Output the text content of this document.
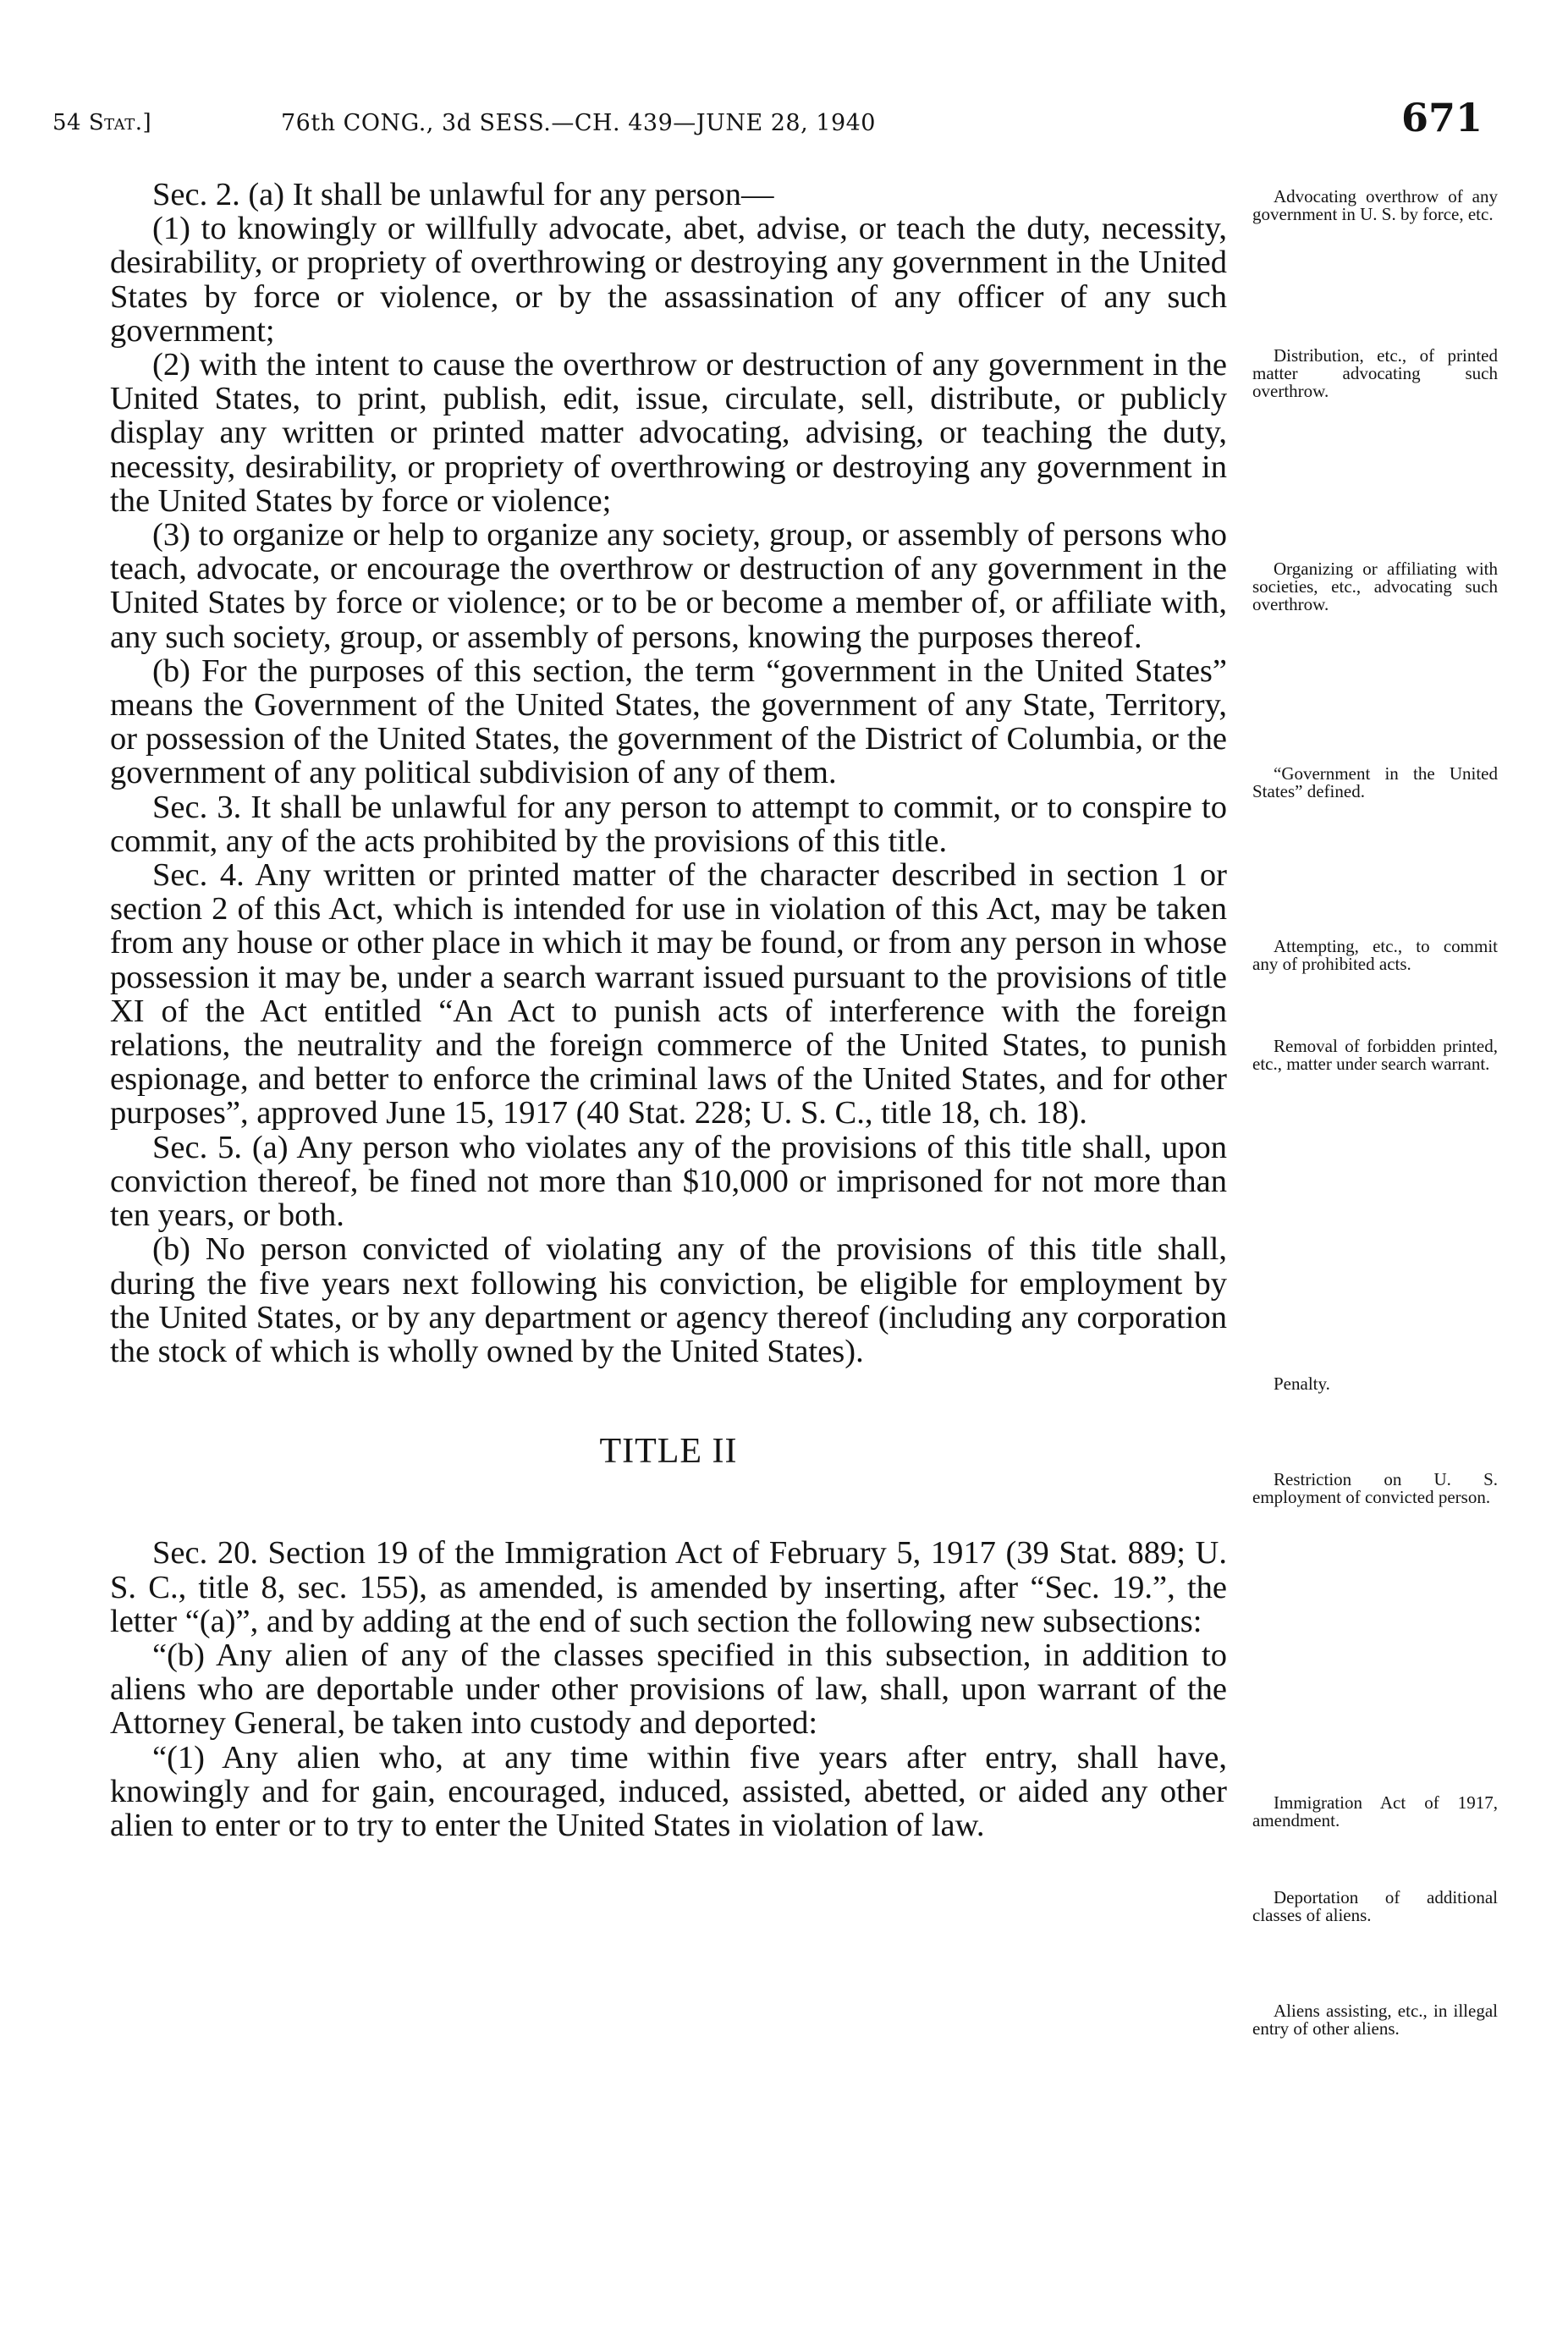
54 Stat.]	76th CONG., 3d SESS.—CH. 439—JUNE 28, 1940	671

Sec. 2. (a) It shall be unlawful for any person—

(1) to knowingly or willfully advocate, abet, advise, or teach the duty, necessity, desirability, or propriety of overthrowing or destroying any government in the United States by force or violence, or by the assassination of any officer of any such government;

(2) with the intent to cause the overthrow or destruction of any government in the United States, to print, publish, edit, issue, circulate, sell, distribute, or publicly display any written or printed matter advocating, advising, or teaching the duty, necessity, desirability, or propriety of overthrowing or destroying any government in the United States by force or violence;

(3) to organize or help to organize any society, group, or assembly of persons who teach, advocate, or encourage the overthrow or destruction of any government in the United States by force or violence; or to be or become a member of, or affiliate with, any such society, group, or assembly of persons, knowing the purposes thereof.

(b) For the purposes of this section, the term “government in the United States” means the Government of the United States, the government of any State, Territory, or possession of the United States, the government of the District of Columbia, or the government of any political subdivision of any of them.

Sec. 3. It shall be unlawful for any person to attempt to commit, or to conspire to commit, any of the acts prohibited by the provisions of this title.

Sec. 4. Any written or printed matter of the character described in section 1 or section 2 of this Act, which is intended for use in violation of this Act, may be taken from any house or other place in which it may be found, or from any person in whose possession it may be, under a search warrant issued pursuant to the provisions of title XI of the Act entitled “An Act to punish acts of interference with the foreign relations, the neutrality and the foreign commerce of the United States, to punish espionage, and better to enforce the criminal laws of the United States, and for other purposes”, approved June 15, 1917 (40 Stat. 228; U. S. C., title 18, ch. 18).

Sec. 5. (a) Any person who violates any of the provisions of this title shall, upon conviction thereof, be fined not more than $10,000 or imprisoned for not more than ten years, or both.

(b) No person convicted of violating any of the provisions of this title shall, during the five years next following his conviction, be eligible for employment by the United States, or by any department or agency thereof (including any corporation the stock of which is wholly owned by the United States).

TITLE II

Sec. 20. Section 19 of the Immigration Act of February 5, 1917 (39 Stat. 889; U. S. C., title 8, sec. 155), as amended, is amended by inserting, after “Sec. 19.”, the letter “(a)”, and by adding at the end of such section the following new subsections:

“(b) Any alien of any of the classes specified in this subsection, in addition to aliens who are deportable under other provisions of law, shall, upon warrant of the Attorney General, be taken into custody and deported:

“(1) Any alien who, at any time within five years after entry, shall have, knowingly and for gain, encouraged, induced, assisted, abetted, or aided any other alien to enter or to try to enter the United States in violation of law.

Advocating overthrow of any government in U. S. by force, etc.
Distribution, etc., of printed matter advocating such overthrow.
Organizing or affiliating with societies, etc., advocating such overthrow.
“Government in the United States” defined.
Attempting, etc., to commit any of prohibited acts.
Removal of forbidden printed, etc., matter under search warrant.
Penalty.
Restriction on U. S. employment of convicted person.
Immigration Act of 1917, amendment.
Deportation of additional classes of aliens.
Aliens assisting, etc., in illegal entry of other aliens.
